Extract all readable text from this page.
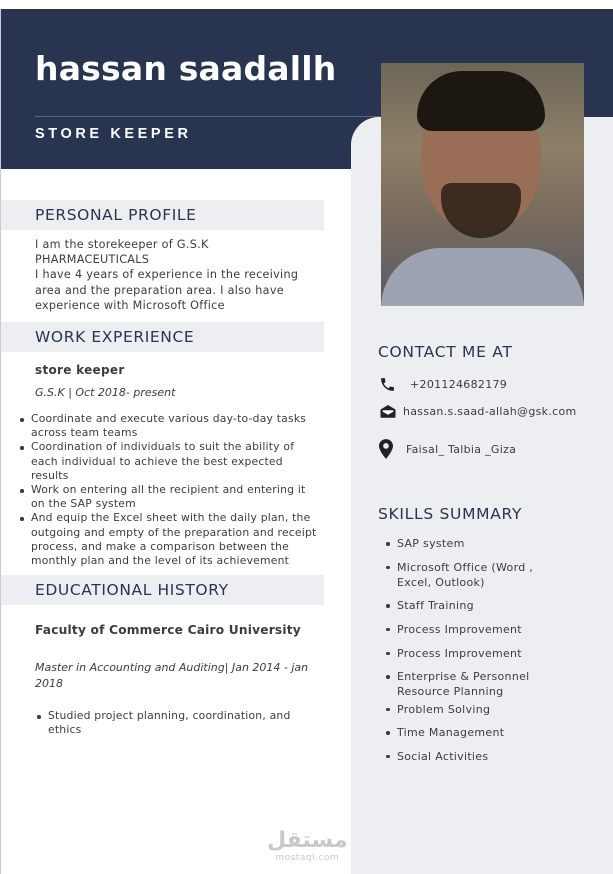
hassan saadallh
STORE KEEPER
PERSONAL PROFILE
I am the storekeeper of G.S.K
PHARMACEUTICALS
I have 4 years of experience in the receiving
area and the preparation area. I also have
experience with Microsoft Office
WORK EXPERIENCE
store keeper
G.S.K | Oct 2018- present
Coordinate and execute various day-to-day tasks
across team teams
Coordination of individuals to suit the ability of
each individual to achieve the best expected
results
Work on entering all the recipient and entering it
on the SAP system
And equip the Excel sheet with the daily plan, the
outgoing and empty of the preparation and receipt
process, and make a comparison between the
monthly plan and the level of its achievement
EDUCATIONAL HISTORY
Faculty of Commerce Cairo University
Master in Accounting and Auditing| Jan 2014 - jan
2018
Studied project planning, coordination, and
ethics
CONTACT ME AT
+201124682179
hassan.s.saad-allah@gsk.com
Faisal_ Talbia _Giza
SKILLS SUMMARY
SAP system
Microsoft Office (Word ,
Excel, Outlook)
Staff Training
Process Improvement
Process Improvement
Enterprise & Personnel
Resource Planning
Problem Solving
Time Management
Social Activities
مستقل
mostaql.com
